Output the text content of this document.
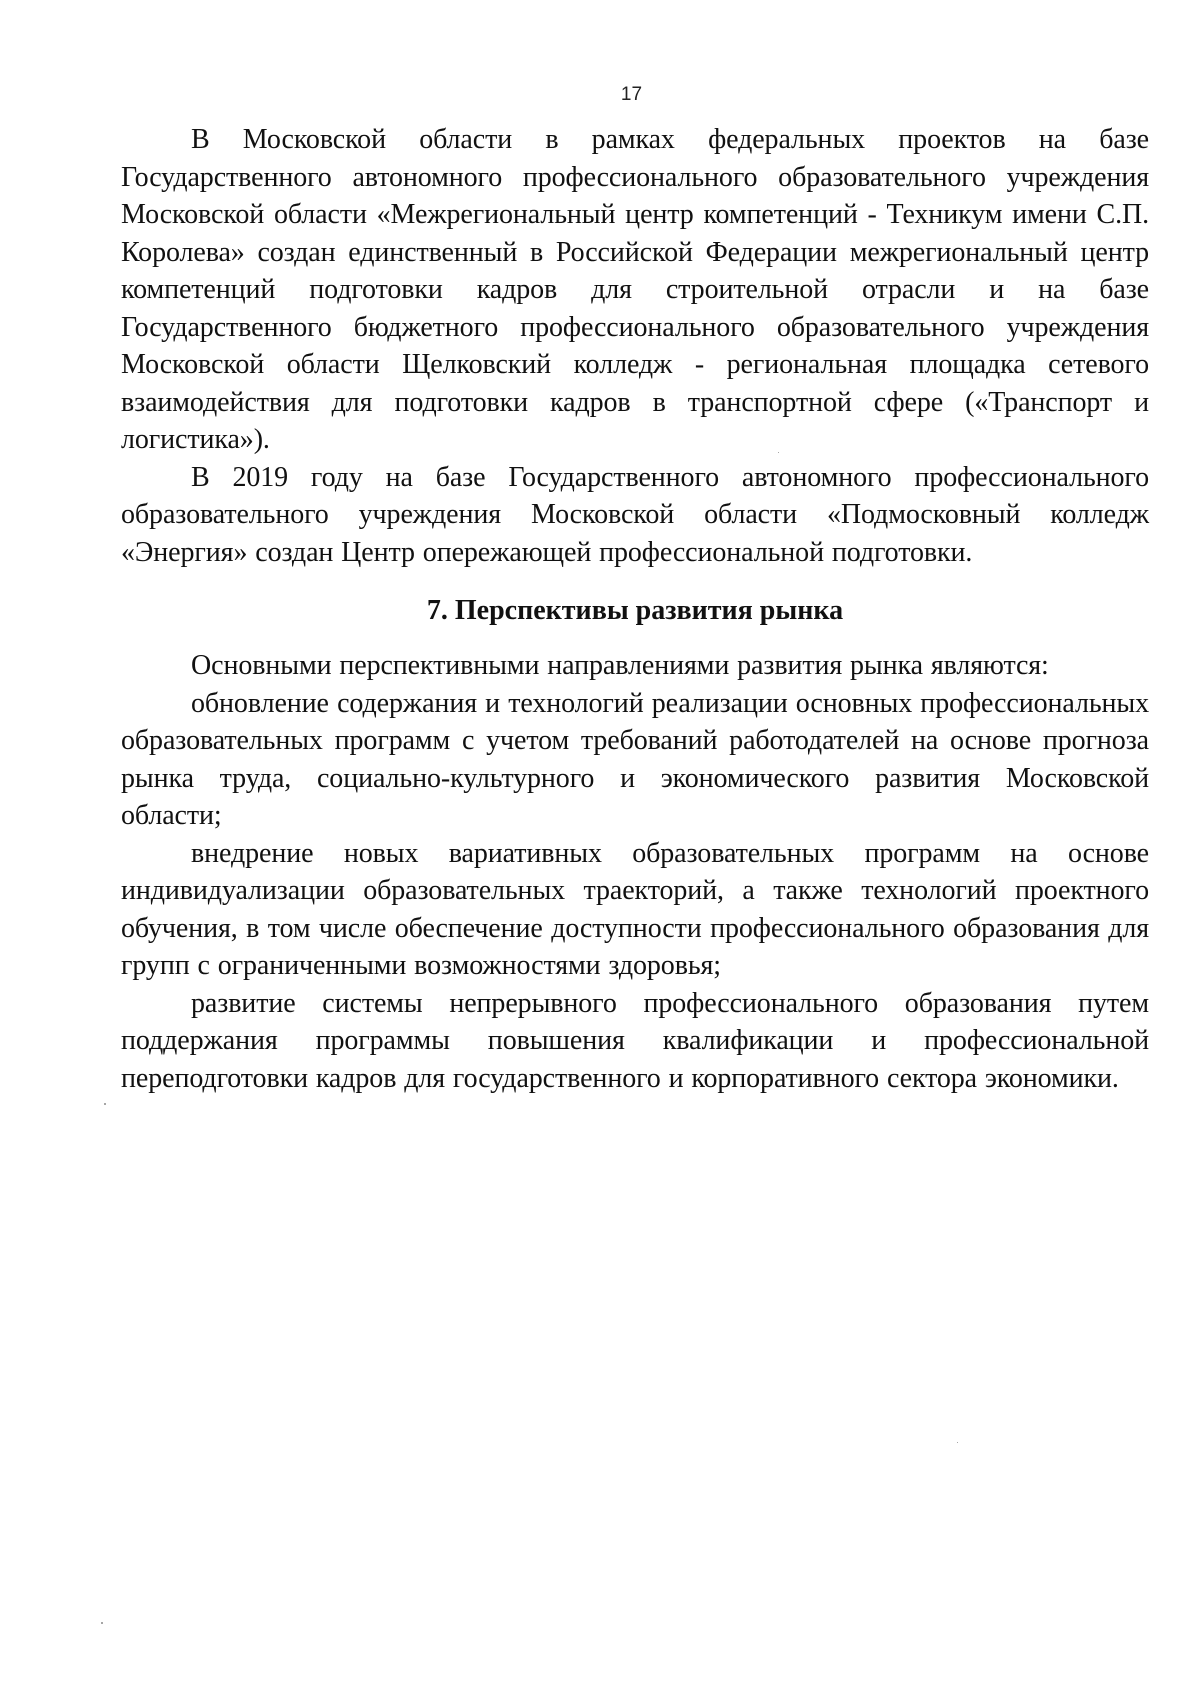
17

В Московской области в рамках федеральных проектов на базе Государственного автономного профессионального образовательного учреждения Московской области «Межрегиональный центр компетенций - Техникум имени С.П. Королева» создан единственный в Российской Федерации межрегиональный центр компетенций подготовки кадров для строительной отрасли и на базе Государственного бюджетного профессионального образовательного учреждения Московской области Щелковский колледж - региональная площадка сетевого взаимодействия для подготовки кадров в транспортной сфере («Транспорт и логистика»).

В 2019 году на базе Государственного автономного профессионального образовательного учреждения Московской области «Подмосковный колледж «Энергия» создан Центр опережающей профессиональной подготовки.

7. Перспективы развития рынка

Основными перспективными направлениями развития рынка являются:

обновление содержания и технологий реализации основных профессиональных образовательных программ с учетом требований работодателей на основе прогноза рынка труда, социально-культурного и экономического развития Московской области;

внедрение новых вариативных образовательных программ на основе индивидуализации образовательных траекторий, а также технологий проектного обучения, в том числе обеспечение доступности профессионального образования для групп с ограниченными возможностями здоровья;

развитие системы непрерывного профессионального образования путем поддержания программы повышения квалификации и профессиональной переподготовки кадров для государственного и корпоративного сектора экономики.
